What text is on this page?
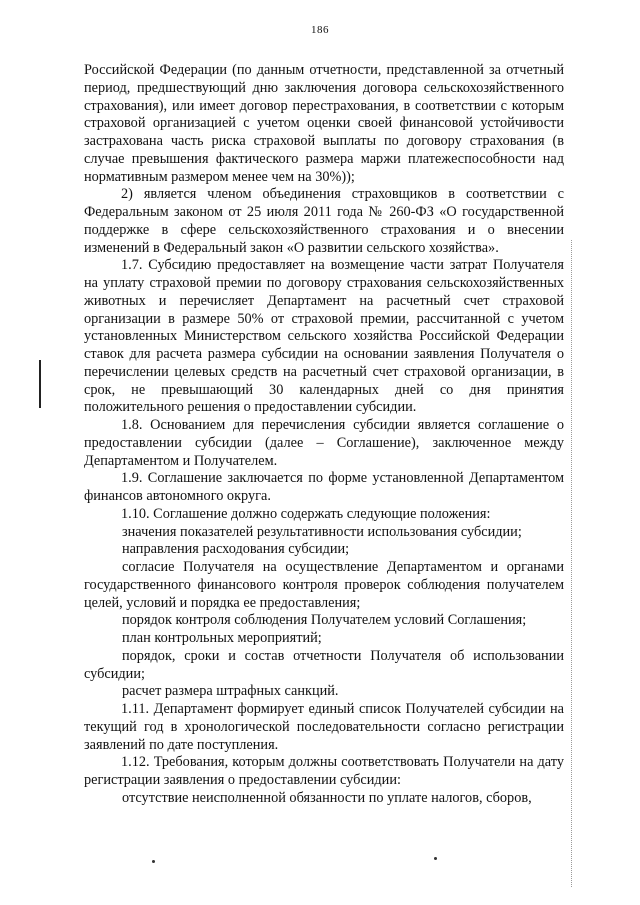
186

Российской Федерации (по данным отчетности, представленной за отчетный период, предшествующий дню заключения договора сельскохозяйственного страхования), или имеет договор перестрахования, в соответствии с которым страховой организацией с учетом оценки своей финансовой устойчивости застрахована часть риска страховой выплаты по договору страхования (в случае превышения фактического размера маржи платежеспособности над нормативным размером менее чем на 30%));

2) является членом объединения страховщиков в соответствии с Федеральным законом от 25 июля 2011 года № 260-ФЗ «О государственной поддержке в сфере сельскохозяйственного страхования и о внесении изменений в Федеральный закон «О развитии сельского хозяйства».

1.7. Субсидию предоставляет на возмещение части затрат Получателя на уплату страховой премии по договору страхования сельскохозяйственных животных и перечисляет Департамент на расчетный счет страховой организации в размере 50% от страховой премии, рассчитанной с учетом установленных Министерством сельского хозяйства Российской Федерации ставок для расчета размера субсидии на основании заявления Получателя о перечислении целевых средств на расчетный счет страховой организации, в срок, не превышающий 30 календарных дней со дня принятия положительного решения о предоставлении субсидии.

1.8. Основанием для перечисления субсидии является соглашение о предоставлении субсидии (далее – Соглашение), заключенное между Департаментом и Получателем.

1.9. Соглашение заключается по форме установленной Департаментом финансов автономного округа.

1.10. Соглашение должно содержать следующие положения:

значения показателей результативности использования субсидии;

направления расходования субсидии;

согласие Получателя на осуществление Департаментом и органами государственного финансового контроля проверок соблюдения получателем целей, условий и порядка ее предоставления;

порядок контроля соблюдения Получателем условий Соглашения;

план контрольных мероприятий;

порядок, сроки и состав отчетности Получателя об использовании субсидии;

расчет размера штрафных санкций.

1.11. Департамент формирует единый список Получателей субсидии на текущий год в хронологической последовательности согласно регистрации заявлений по дате поступления.

1.12. Требования, которым должны соответствовать Получатели на дату регистрации заявления о предоставлении субсидии:

отсутствие неисполненной обязанности по уплате налогов, сборов,
